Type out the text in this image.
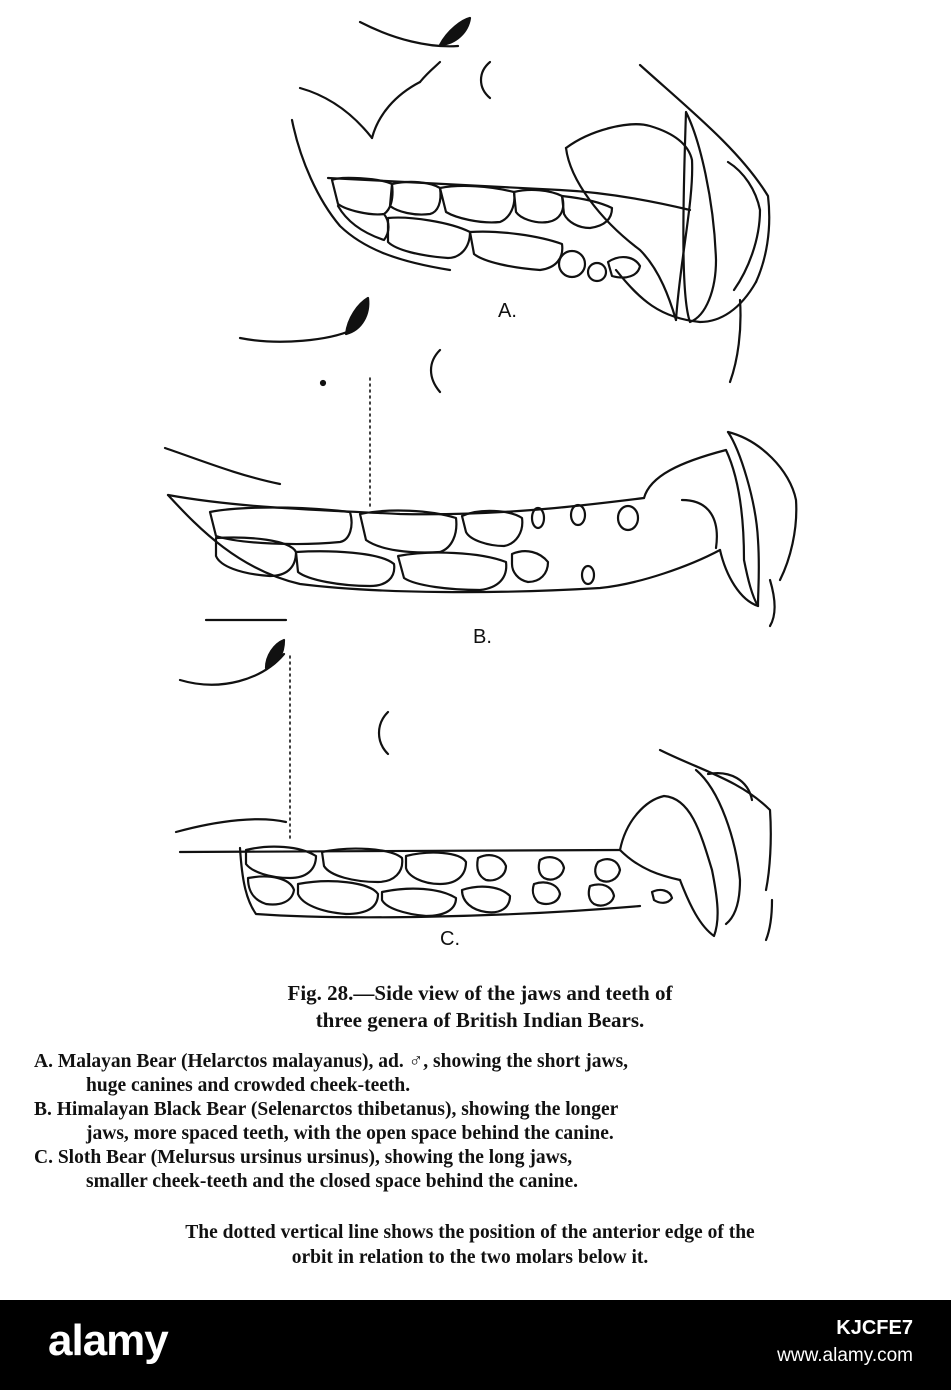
A.
B.
C.
Fig. 28.—Side view of the jaws and teeth of
three genera of British Indian Bears.

A. Malayan Bear (Helarctos malayanus), ad. ♂, showing the short jaws,
huge canines and crowded cheek-teeth.

B. Himalayan Black Bear (Selenarctos thibetanus), showing the longer
jaws, more spaced teeth, with the open space behind the canine.

C. Sloth Bear (Melursus ursinus ursinus), showing the long jaws,
smaller cheek-teeth and the closed space behind the canine.

The dotted vertical line shows the position of the anterior edge of the
orbit in relation to the two molars below it.
alamy	KJCFE7
www.alamy.com
